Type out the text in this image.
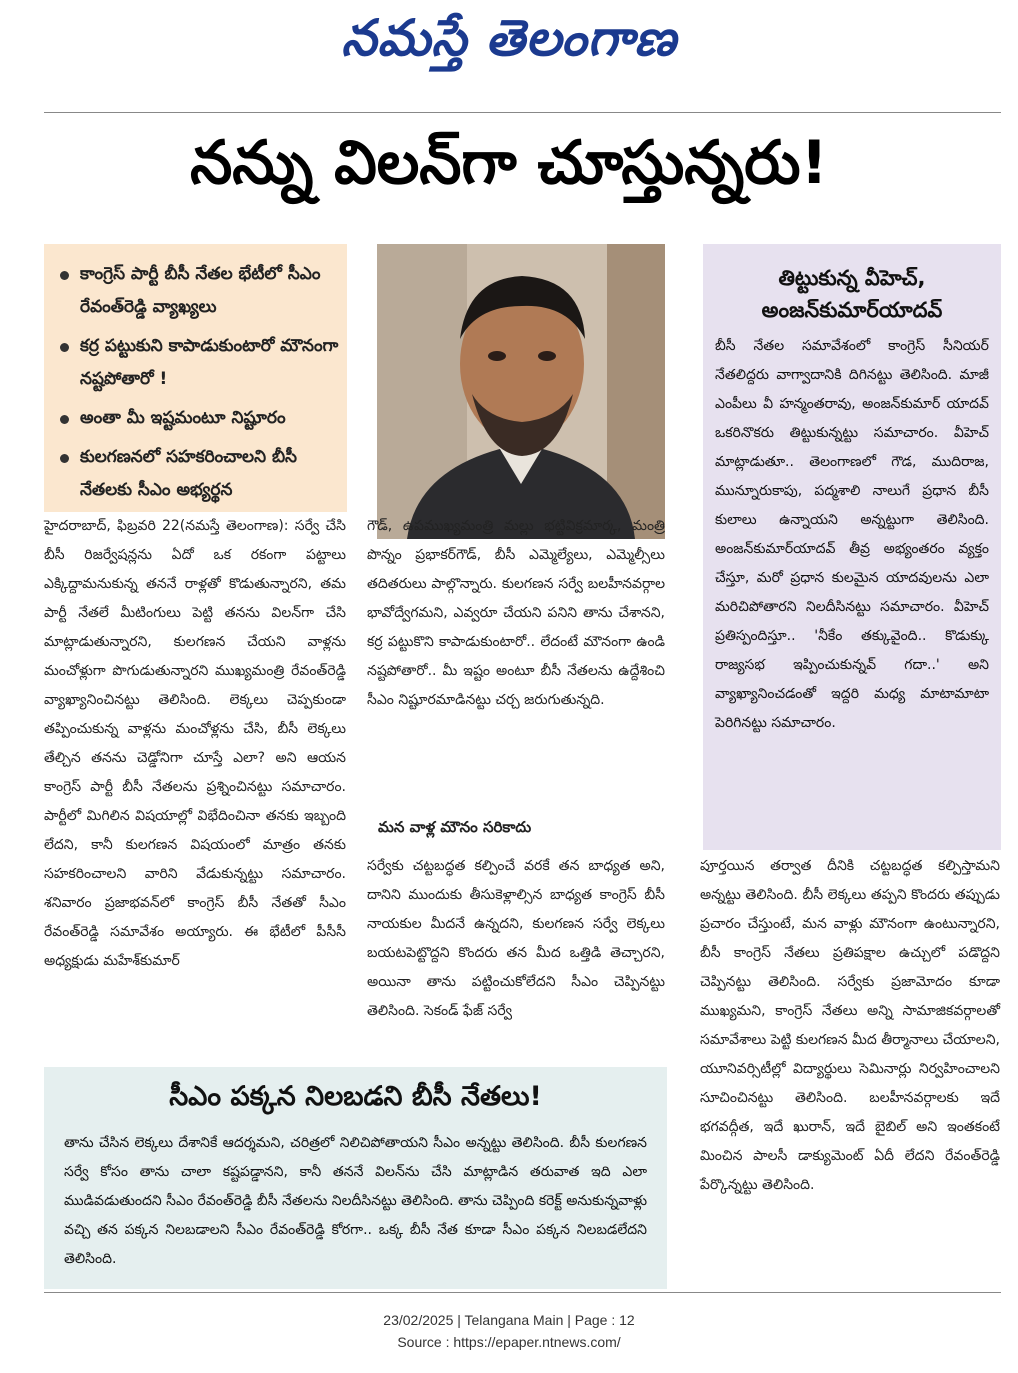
నమస్తే తెలంగాణ
నన్ను విలన్‌గా చూస్తున్నరు!
కాంగ్రెస్ పార్టీ బీసీ నేతల భేటీలో సీఎం రేవంత్‌రెడ్డి వ్యాఖ్యలు
కర్ర పట్టుకుని కాపాడుకుంటారో మౌనంగా నష్టపోతారో !
అంతా మీ ఇష్టమంటూ నిష్టూరం
కులగణనలో సహకరించాలని బీసీ నేతలకు సీఎం అభ్యర్థన
తిట్టుకున్న వీహెచ్, అంజన్‌కుమార్‌యాదవ్
బీసీ నేతల సమావేశంలో కాంగ్రెస్ సీనియర్ నేతలిద్దరు వాగ్వాదానికి దిగినట్టు తెలిసింది. మాజీ ఎంపీలు వీ హన్మంతరావు, అంజన్‌కుమార్ యాదవ్ ఒకరినొకరు తిట్టుకున్నట్టు సమాచారం. వీహెచ్ మాట్లాడుతూ.. తెలంగాణలో గౌడ, ముదిరాజ, మున్నూరుకాపు, పద్మశాలి నాలుగే ప్రధాన బీసీ కులాలు ఉన్నాయని అన్నట్టుగా తెలిసింది. అంజన్‌కుమార్‌యాదవ్ తీవ్ర అభ్యంతరం వ్యక్తం చేస్తూ, మరో ప్రధాన కులమైన యాదవులను ఎలా మరిచిపోతారని నిలదీసినట్టు సమాచారం. వీహెచ్ ప్రతిస్పందిస్తూ.. 'నీకేం తక్కువైంది.. కొడుక్కు రాజ్యసభ ఇప్పించుకున్నవ్ గదా..' అని వ్యాఖ్యానించడంతో ఇద్దరి మధ్య మాటామాటా పెరిగినట్టు సమాచారం.
హైదరాబాద్, ఫిబ్రవరి 22(నమస్తే తెలంగాణ): సర్వే చేసి బీసీ రిజర్వేషన్లను ఏదో ఒక రకంగా పట్టాలు ఎక్కిద్దామనుకున్న తననే రాళ్లతో కొడుతున్నారని, తమ పార్టీ నేతలే మీటింగులు పెట్టి తనను విలన్‌గా చేసి మాట్లాడుతున్నారని, కులగణన చేయని వాళ్లను మంచోళ్లుగా పొగుడుతున్నారని ముఖ్యమంత్రి రేవంత్‌రెడ్డి వ్యాఖ్యానించినట్టు తెలిసింది. లెక్కలు చెప్పకుండా తప్పించుకున్న వాళ్లను మంచోళ్లను చేసి, బీసీ లెక్కలు తేల్చిన తనను చెడ్డోనిగా చూస్తే ఎలా? అని ఆయన కాంగ్రెస్ పార్టీ బీసీ నేతలను ప్రశ్నించినట్టు సమాచారం. పార్టీలో మిగిలిన విషయాల్లో విభేదించినా తనకు ఇబ్బంది లేదని, కానీ కులగణన విషయంలో మాత్రం తనకు సహకరించాలని వారిని వేడుకున్నట్టు సమాచారం. శనివారం ప్రజాభవన్‌లో కాంగ్రెస్ బీసీ నేతతో సీఎం రేవంత్‌రెడ్డి సమావేశం అయ్యారు. ఈ భేటీలో పీసీసీ అధ్యక్షుడు మహేశ్‌కుమార్
గౌడ్, ఉపముఖ్యమంత్రి మల్లు భట్టివిక్రమార్క, మంత్రి పొన్నం ప్రభాకర్‌గౌడ్, బీసీ ఎమ్మెల్యేలు, ఎమ్మెల్సీలు తదితరులు పాల్గొన్నారు. కులగణన సర్వే బలహీనవర్గాల భావోద్వేగమని, ఎవ్వరూ చేయని పనిని తాను చేశానని, కర్ర పట్టుకొని కాపాడుకుంటారో.. లేదంటే మౌనంగా ఉండి నష్టపోతారో.. మీ ఇష్టం అంటూ బీసీ నేతలను ఉద్దేశించి సీఎం నిష్టూరమాడినట్టు చర్చ జరుగుతున్నది.
మన వాళ్ల మౌనం సరికాదు
సర్వేకు చట్టబద్ధత కల్పించే వరకే తన బాధ్యత అని, దానిని ముందుకు తీసుకెళ్లాల్సిన బాధ్యత కాంగ్రెస్ బీసీ నాయకుల మీదనే ఉన్నదని, కులగణన సర్వే లెక్కలు బయటపెట్టొద్దని కొందరు తన మీద ఒత్తిడి తెచ్చారని, అయినా తాను పట్టించుకోలేదని సీఎం చెప్పినట్టు తెలిసింది. సెకండ్ ఫేజ్ సర్వే
పూర్తయిన తర్వాత దీనికి చట్టబద్ధత కల్పిస్తామని అన్నట్టు తెలిసింది. బీసీ లెక్కలు తప్పని కొందరు తప్పుడు ప్రచారం చేస్తుంటే, మన వాళ్లు మౌనంగా ఉంటున్నారని, బీసీ కాంగ్రెస్ నేతలు ప్రతిపక్షాల ఉచ్చులో పడొద్దని చెప్పినట్టు తెలిసింది. సర్వేకు ప్రజామోదం కూడా ముఖ్యమని, కాంగ్రెస్ నేతలు అన్ని సామాజికవర్గాలతో సమావేశాలు పెట్టి కులగణన మీద తీర్మానాలు చేయాలని, యూనివర్సిటీల్లో విద్యార్థులు సెమినార్లు నిర్వహించాలని సూచించినట్టు తెలిసింది. బలహీనవర్గాలకు ఇదే భగవద్గీత, ఇదే ఖురాన్, ఇదే బైబిల్ అని ఇంతకంటే మించిన పాలసీ డాక్యుమెంట్ ఏదీ లేదని రేవంత్‌రెడ్డి పేర్కొన్నట్టు తెలిసింది.
సీఎం పక్కన నిలబడని బీసీ నేతలు!
తాను చేసిన లెక్కలు దేశానికే ఆదర్శమని, చరిత్రలో నిలిచిపోతాయని సీఎం అన్నట్టు తెలిసింది. బీసీ కులగణన సర్వే కోసం తాను చాలా కష్టపడ్డానని, కానీ తననే విలన్‌ను చేసి మాట్లాడిన తరువాత ఇది ఎలా ముడివడుతుందని సీఎం రేవంత్‌రెడ్డి బీసీ నేతలను నిలదీసినట్టు తెలిసింది. తాను చెప్పింది కరెక్ట్ అనుకున్నవాళ్లు వచ్చి తన పక్కన నిలబడాలని సీఎం రేవంత్‌రెడ్డి కోరగా.. ఒక్క బీసీ నేత కూడా సీఎం పక్కన నిలబడలేదని తెలిసింది.
23/02/2025 | Telangana Main | Page : 12
Source : https://epaper.ntnews.com/
